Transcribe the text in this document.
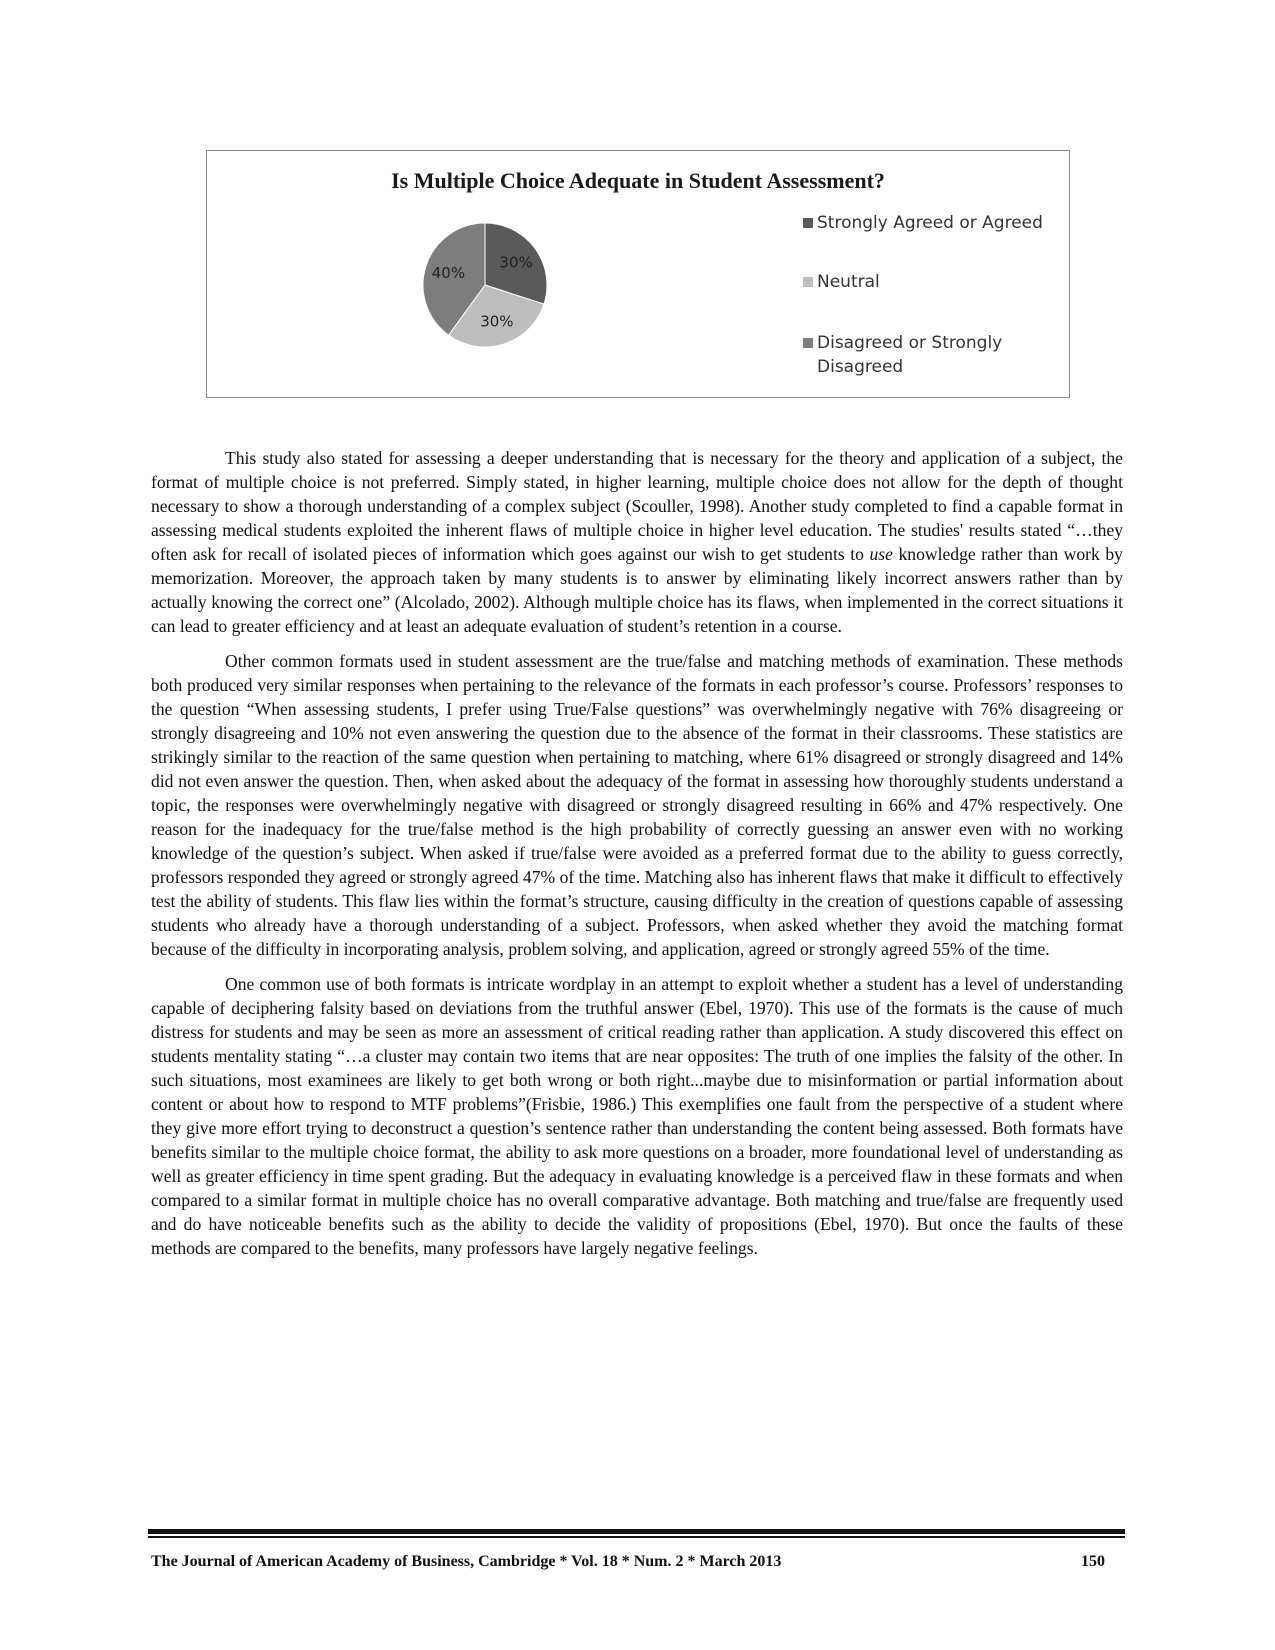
Is Multiple Choice Adequate in Student Assessment?
30%
30%
40%
Strongly Agreed or Agreed
Neutral
Disagreed or Strongly Disagreed

This study also stated for assessing a deeper understanding that is necessary for the theory and application of a subject, the format of multiple choice is not preferred. Simply stated, in higher learning, multiple choice does not allow for the depth of thought necessary to show a thorough understanding of a complex subject (Scouller, 1998). Another study completed to find a capable format in assessing medical students exploited the inherent flaws of multiple choice in higher level education. The studies' results stated “…they often ask for recall of isolated pieces of information which goes against our wish to get students to use knowledge rather than work by memorization. Moreover, the approach taken by many students is to answer by eliminating likely incorrect answers rather than by actually knowing the correct one” (Alcolado, 2002). Although multiple choice has its flaws, when implemented in the correct situations it can lead to greater efficiency and at least an adequate evaluation of student’s retention in a course.

Other common formats used in student assessment are the true/false and matching methods of examination. These methods both produced very similar responses when pertaining to the relevance of the formats in each professor’s course. Professors’ responses to the question “When assessing students, I prefer using True/False questions” was overwhelmingly negative with 76% disagreeing or strongly disagreeing and 10% not even answering the question due to the absence of the format in their classrooms. These statistics are strikingly similar to the reaction of the same question when pertaining to matching, where 61% disagreed or strongly disagreed and 14% did not even answer the question. Then, when asked about the adequacy of the format in assessing how thoroughly students understand a topic, the responses were overwhelmingly negative with disagreed or strongly disagreed resulting in 66% and 47% respectively. One reason for the inadequacy for the true/false method is the high probability of correctly guessing an answer even with no working knowledge of the question’s subject. When asked if true/false were avoided as a preferred format due to the ability to guess correctly, professors responded they agreed or strongly agreed 47% of the time. Matching also has inherent flaws that make it difficult to effectively test the ability of students. This flaw lies within the format’s structure, causing difficulty in the creation of questions capable of assessing students who already have a thorough understanding of a subject. Professors, when asked whether they avoid the matching format because of the difficulty in incorporating analysis, problem solving, and application, agreed or strongly agreed 55% of the time.

One common use of both formats is intricate wordplay in an attempt to exploit whether a student has a level of understanding capable of deciphering falsity based on deviations from the truthful answer (Ebel, 1970). This use of the formats is the cause of much distress for students and may be seen as more an assessment of critical reading rather than application. A study discovered this effect on students mentality stating “…a cluster may contain two items that are near opposites: The truth of one implies the falsity of the other. In such situations, most examinees are likely to get both wrong or both right...maybe due to misinformation or partial information about content or about how to respond to MTF problems”(Frisbie, 1986.) This exemplifies one fault from the perspective of a student where they give more effort trying to deconstruct a question’s sentence rather than understanding the content being assessed. Both formats have benefits similar to the multiple choice format, the ability to ask more questions on a broader, more foundational level of understanding as well as greater efficiency in time spent grading. But the adequacy in evaluating knowledge is a perceived flaw in these formats and when compared to a similar format in multiple choice has no overall comparative advantage. Both matching and true/false are frequently used and do have noticeable benefits such as the ability to decide the validity of propositions (Ebel, 1970). But once the faults of these methods are compared to the benefits, many professors have largely negative feelings.

The Journal of American Academy of Business, Cambridge * Vol. 18 * Num. 2 * March 2013	150
